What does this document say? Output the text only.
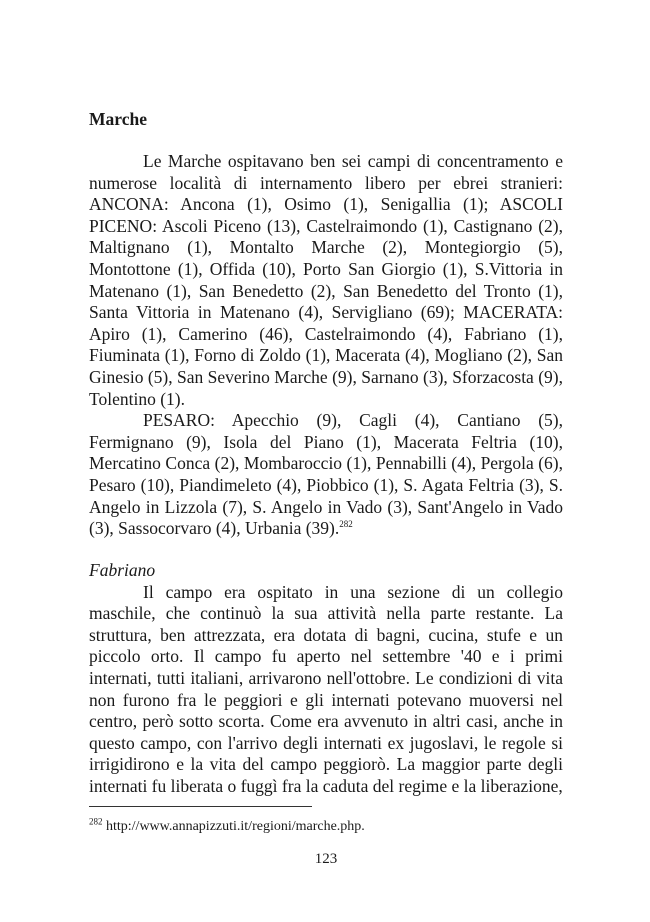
Marche

Le Marche ospitavano ben sei campi di concentramento e numerose località di internamento libero per ebrei stranieri: ANCONA: Ancona (1), Osimo (1), Senigallia (1); ASCOLI PICENO: Ascoli Piceno (13), Castelraimondo (1), Castignano (2), Maltignano (1), Montalto Marche (2), Montegiorgio (5), Montottone (1), Offida (10), Porto San Giorgio (1), S.Vittoria in Matenano (1), San Benedetto (2), San Benedetto del Tronto (1), Santa Vittoria in Matenano (4), Servigliano (69); MACERATA: Apiro (1), Camerino (46), Castelraimondo (4), Fabriano (1), Fiuminata (1), Forno di Zoldo (1), Macerata (4), Mogliano (2), San Ginesio (5), San Severino Marche (9), Sarnano (3), Sforzacosta (9), Tolentino (1).

PESARO: Apecchio (9), Cagli (4), Cantiano (5), Fermignano (9), Isola del Piano (1), Macerata Feltria (10), Mercatino Conca (2), Mombaroccio (1), Pennabilli (4), Pergola (6), Pesaro (10), Piandimeleto (4), Piobbico (1), S. Agata Feltria (3), S. Angelo in Lizzola (7), S. Angelo in Vado (3), Sant'Angelo in Vado (3), Sassocorvaro (4), Urbania (39).$^{282}$

Fabriano

Il campo era ospitato in una sezione di un collegio maschile, che continuò la sua attività nella parte restante. La struttura, ben attrezzata, era dotata di bagni, cucina, stufe e un piccolo orto. Il campo fu aperto nel settembre '40 e i primi internati, tutti italiani, arrivarono nell'ottobre. Le condizioni di vita non furono fra le peggiori e gli internati potevano muoversi nel centro, però sotto scorta. Come era avvenuto in altri casi, anche in questo campo, con l'arrivo degli internati ex jugoslavi, le regole si irrigidirono e la vita del campo peggiorò. La maggior parte degli internati fu liberata o fuggì fra la caduta del regime e la liberazione,

$^{282}$ http://www.annapizzuti.it/regioni/marche.php.
123
